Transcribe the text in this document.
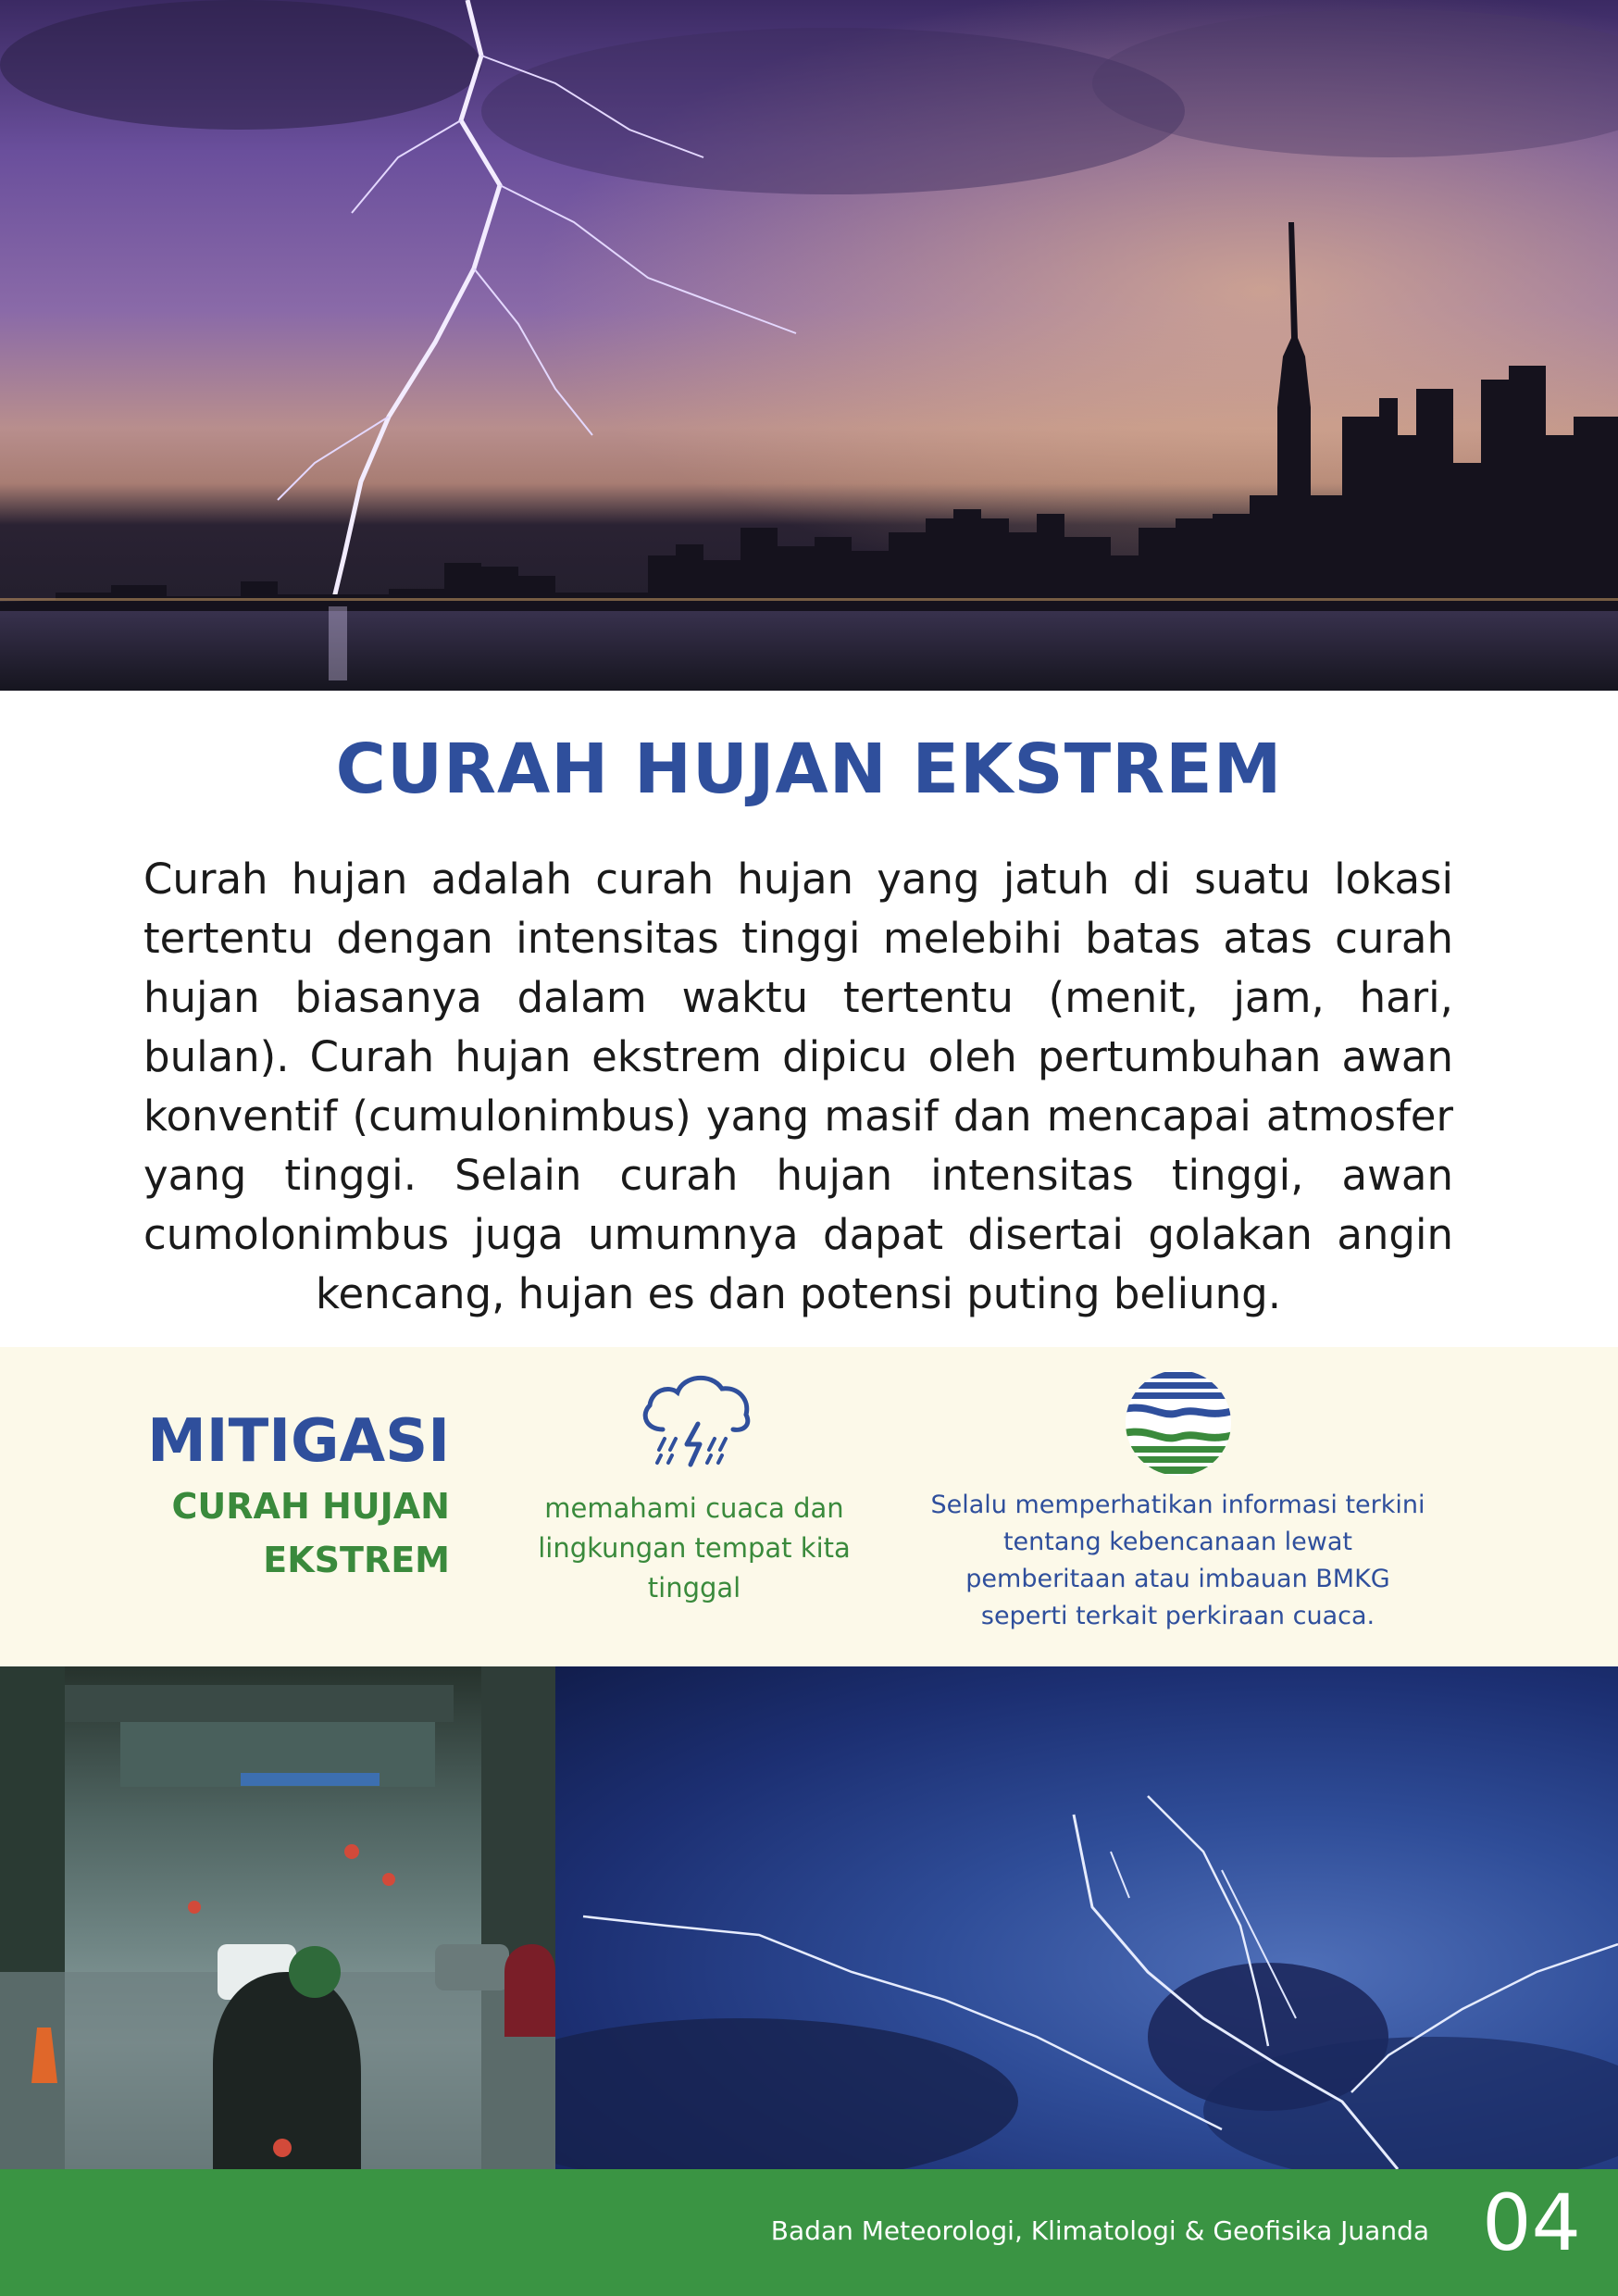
CURAH HUJAN EKSTREM

Curah hujan adalah curah hujan yang jatuh di suatu lokasi tertentu dengan intensitas tinggi melebihi batas atas curah hujan biasanya dalam waktu tertentu (menit, jam, hari, bulan). Curah hujan ekstrem dipicu oleh pertumbuhan awan konventif (cumulonimbus) yang masif dan mencapai atmosfer yang tinggi. Selain curah hujan intensitas tinggi, awan cumolonimbus juga umumnya dapat disertai golakan angin kencang, hujan es dan potensi puting beliung.

MITIGASI

CURAH HUJAN
EKSTREM

memahami cuaca dan lingkungan tempat kita tinggal

Selalu memperhatikan informasi terkini tentang kebencanaan lewat pemberitaan atau imbauan BMKG seperti terkait perkiraan cuaca.

Badan Meteorologi, Klimatologi & Geofisika Juanda 04
